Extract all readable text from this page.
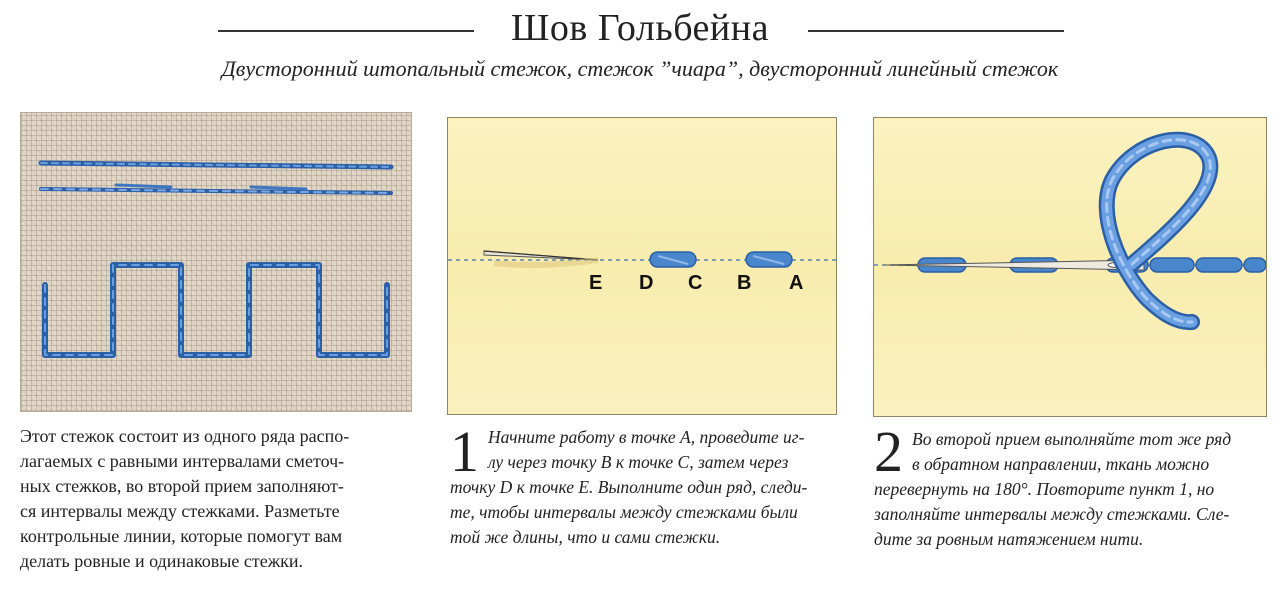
Шов Гольбейна
Двусторонний штопальный стежок, стежок ”чиара”, двусторонний линейный стежок
E D C B A
Этот стежок состоит из одного ряда распо-
лагаемых с равными интервалами сметоч-
ных стежков, во второй прием заполняют-
ся интервалы между стежками. Разметьте
контрольные линии, которые помогут вам
делать ровные и одинаковые стежки.
1 Начните работу в точке А, проведите иг-
лу через точку В к точке С, затем через
точку D к точке Е. Выполните один ряд, следи-
те, чтобы интервалы между стежками были
той же длины, что и сами стежки.
2 Во второй прием выполняйте тот же ряд
в обратном направлении, ткань можно
перевернуть на 180°. Повторите пункт 1, но
заполняйте интервалы между стежками. Сле-
дите за ровным натяжением нити.
